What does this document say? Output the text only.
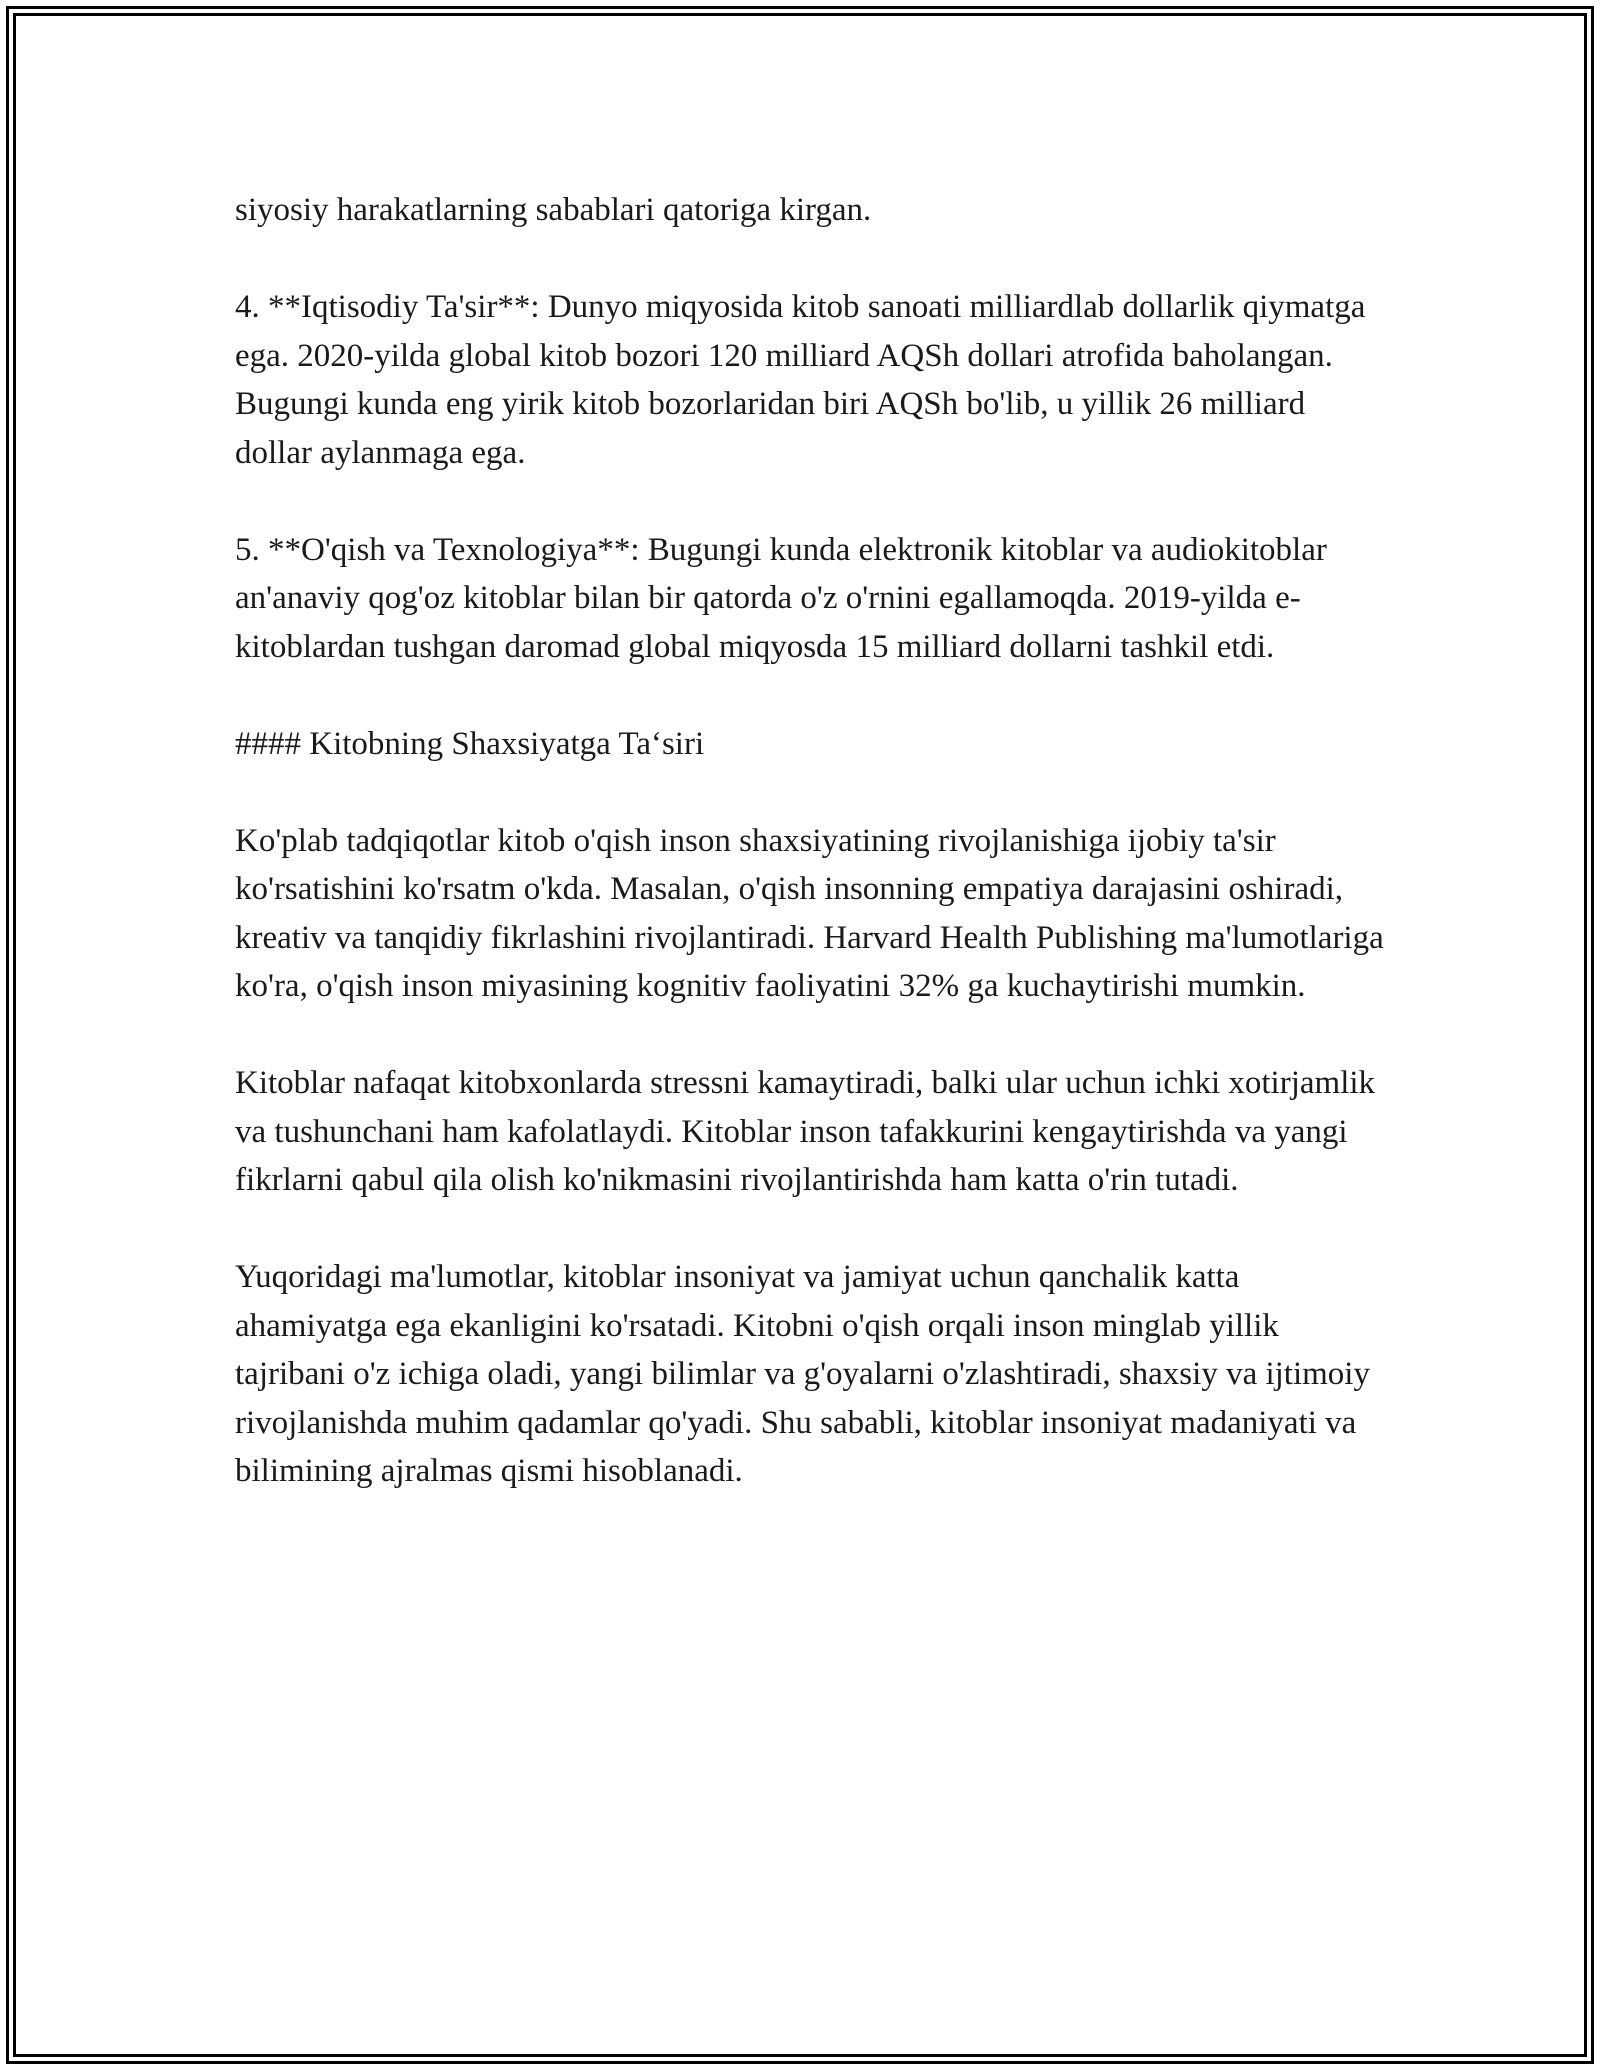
siyosiy harakatlarning sabablari qatoriga kirgan.

4. **Iqtisodiy Ta'sir**: Dunyo miqyosida kitob sanoati milliardlab dollarlik qiymatga ega. 2020-yilda global kitob bozori 120 milliard AQSh dollari atrofida baholangan. Bugungi kunda eng yirik kitob bozorlaridan biri AQSh bo'lib, u yillik 26 milliard dollar aylanmaga ega.

5. **O'qish va Texnologiya**: Bugungi kunda elektronik kitoblar va audiokitoblar an'anaviy qog'oz kitoblar bilan bir qatorda o'z o'rnini egallamoqda. 2019-yilda e-kitoblardan tushgan daromad global miqyosda 15 milliard dollarni tashkil etdi.

#### Kitobning Shaxsiyatga Ta‘siri

Ko'plab tadqiqotlar kitob o'qish inson shaxsiyatining rivojlanishiga ijobiy ta'sir ko'rsatishini ko'rsatm o'kda. Masalan, o'qish insonning empatiya darajasini oshiradi, kreativ va tanqidiy fikrlashini rivojlantiradi. Harvard Health Publishing ma'lumotlariga ko'ra, o'qish inson miyasining kognitiv faoliyatini 32% ga kuchaytirishi mumkin.

Kitoblar nafaqat kitobxonlarda stressni kamaytiradi, balki ular uchun ichki xotirjamlik va tushunchani ham kafolatlaydi. Kitoblar inson tafakkurini kengaytirishda va yangi fikrlarni qabul qila olish ko'nikmasini rivojlantirishda ham katta o'rin tutadi.

Yuqoridagi ma'lumotlar, kitoblar insoniyat va jamiyat uchun qanchalik katta ahamiyatga ega ekanligini ko'rsatadi. Kitobni o'qish orqali inson minglab yillik tajribani o'z ichiga oladi, yangi bilimlar va g'oyalarni o'zlashtiradi, shaxsiy va ijtimoiy rivojlanishda muhim qadamlar qo'yadi. Shu sababli, kitoblar insoniyat madaniyati va bilimining ajralmas qismi hisoblanadi.
